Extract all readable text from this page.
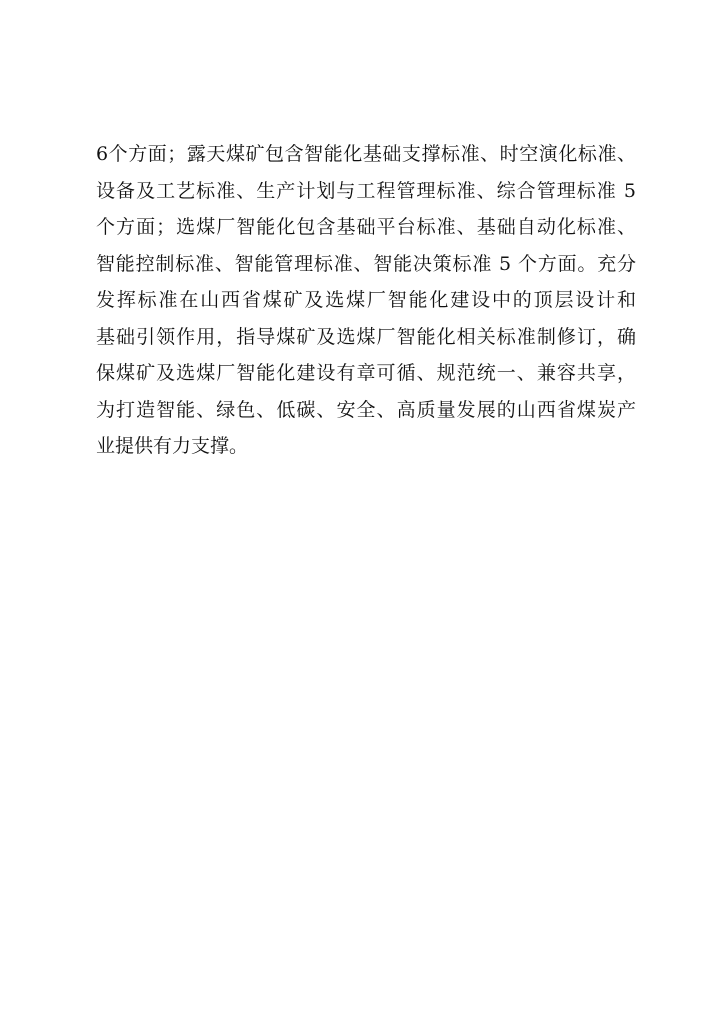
6个方面；露天煤矿包含智能化基础支撑标准、时空演化标准、
设备及工艺标准、生产计划与工程管理标准、综合管理标准 5
个方面；选煤厂智能化包含基础平台标准、基础自动化标准、
智能控制标准、智能管理标准、智能决策标准 5 个方面。充分
发挥标准在山西省煤矿及选煤厂智能化建设中的顶层设计和
基础引领作用，指导煤矿及选煤厂智能化相关标准制修订，确
保煤矿及选煤厂智能化建设有章可循、规范统一、兼容共享，
为打造智能、绿色、低碳、安全、高质量发展的山西省煤炭产
业提供有力支撑。
